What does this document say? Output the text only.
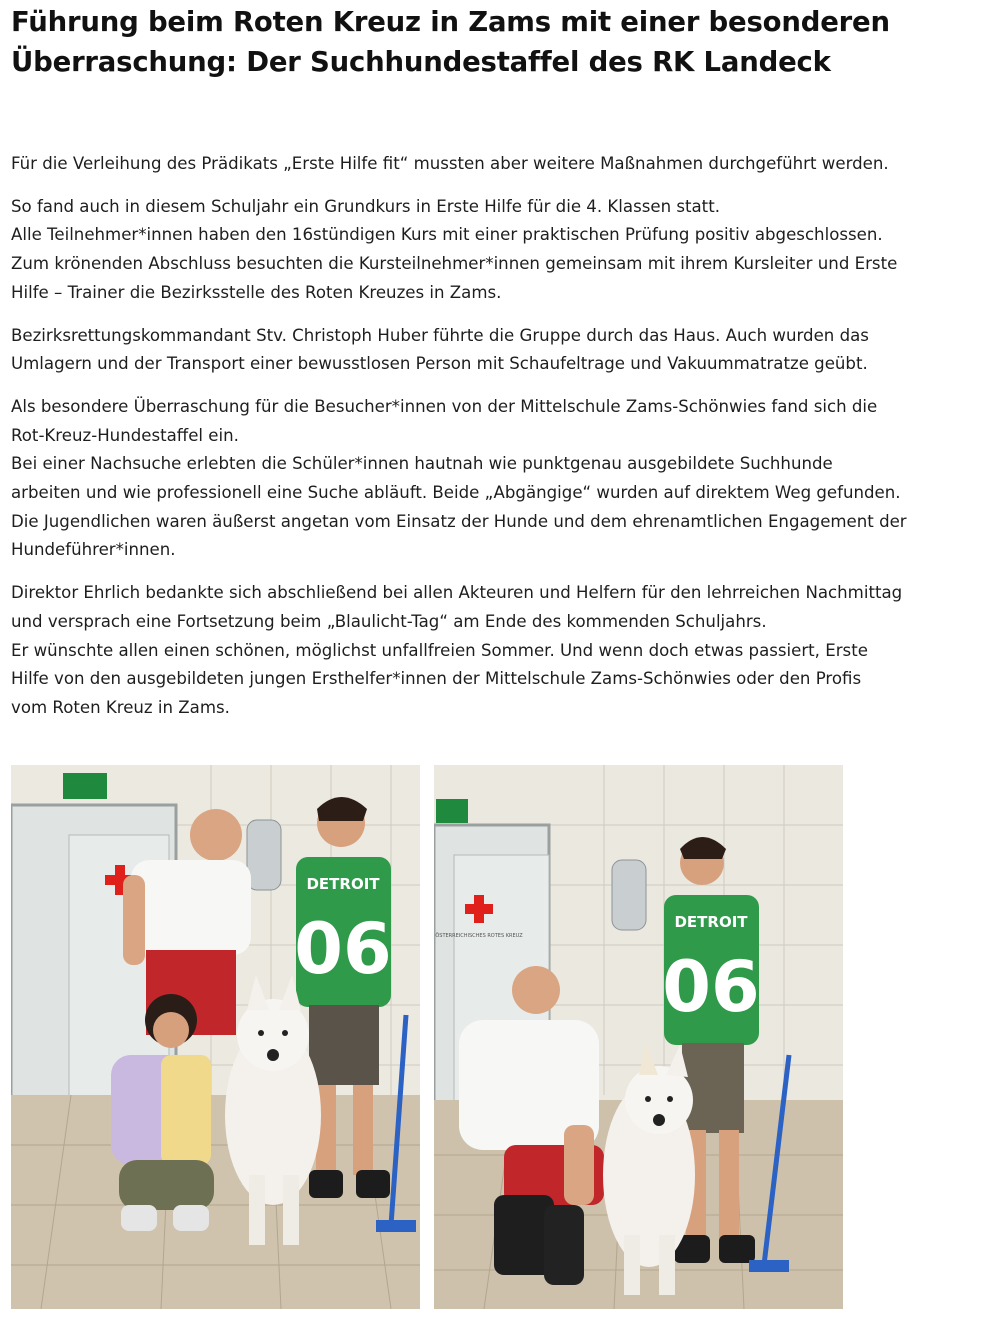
Führung beim Roten Kreuz in Zams mit einer besonderen
Überraschung: Der Suchhundestaffel des RK Landeck

Für die Verleihung des Prädikats „Erste Hilfe fit“ mussten aber weitere Maßnahmen durchgeführt werden.

So fand auch in diesem Schuljahr ein Grundkurs in Erste Hilfe für die 4. Klassen statt.
Alle Teilnehmer*innen haben den 16stündigen Kurs mit einer praktischen Prüfung positiv abgeschlossen.
Zum krönenden Abschluss besuchten die Kursteilnehmer*innen gemeinsam mit ihrem Kursleiter und Erste
Hilfe – Trainer die Bezirksstelle des Roten Kreuzes in Zams.

Bezirksrettungskommandant Stv. Christoph Huber führte die Gruppe durch das Haus. Auch wurden das
Umlagern und der Transport einer bewusstlosen Person mit Schaufeltrage und Vakuummatratze geübt.

Als besondere Überraschung für die Besucher*innen von der Mittelschule Zams-Schönwies fand sich die
Rot-Kreuz-Hundestaffel ein.
Bei einer Nachsuche erlebten die Schüler*innen hautnah wie punktgenau ausgebildete Suchhunde
arbeiten und wie professionell eine Suche abläuft. Beide „Abgängige“ wurden auf direktem Weg gefunden.
Die Jugendlichen waren äußerst angetan vom Einsatz der Hunde und dem ehrenamtlichen Engagement der
Hundeführer*innen.

Direktor Ehrlich bedankte sich abschließend bei allen Akteuren und Helfern für den lehrreichen Nachmittag
und versprach eine Fortsetzung beim „Blaulicht-Tag“ am Ende des kommenden Schuljahrs.
Er wünschte allen einen schönen, möglichst unfallfreien Sommer. Und wenn doch etwas passiert, Erste
Hilfe von den ausgebildeten jungen Ersthelfer*innen der Mittelschule Zams-Schönwies oder den Profis
vom Roten Kreuz in Zams.

DETROIT
06	ÖSTERREICHISCHES ROTES KREUZ
DETROIT
06
